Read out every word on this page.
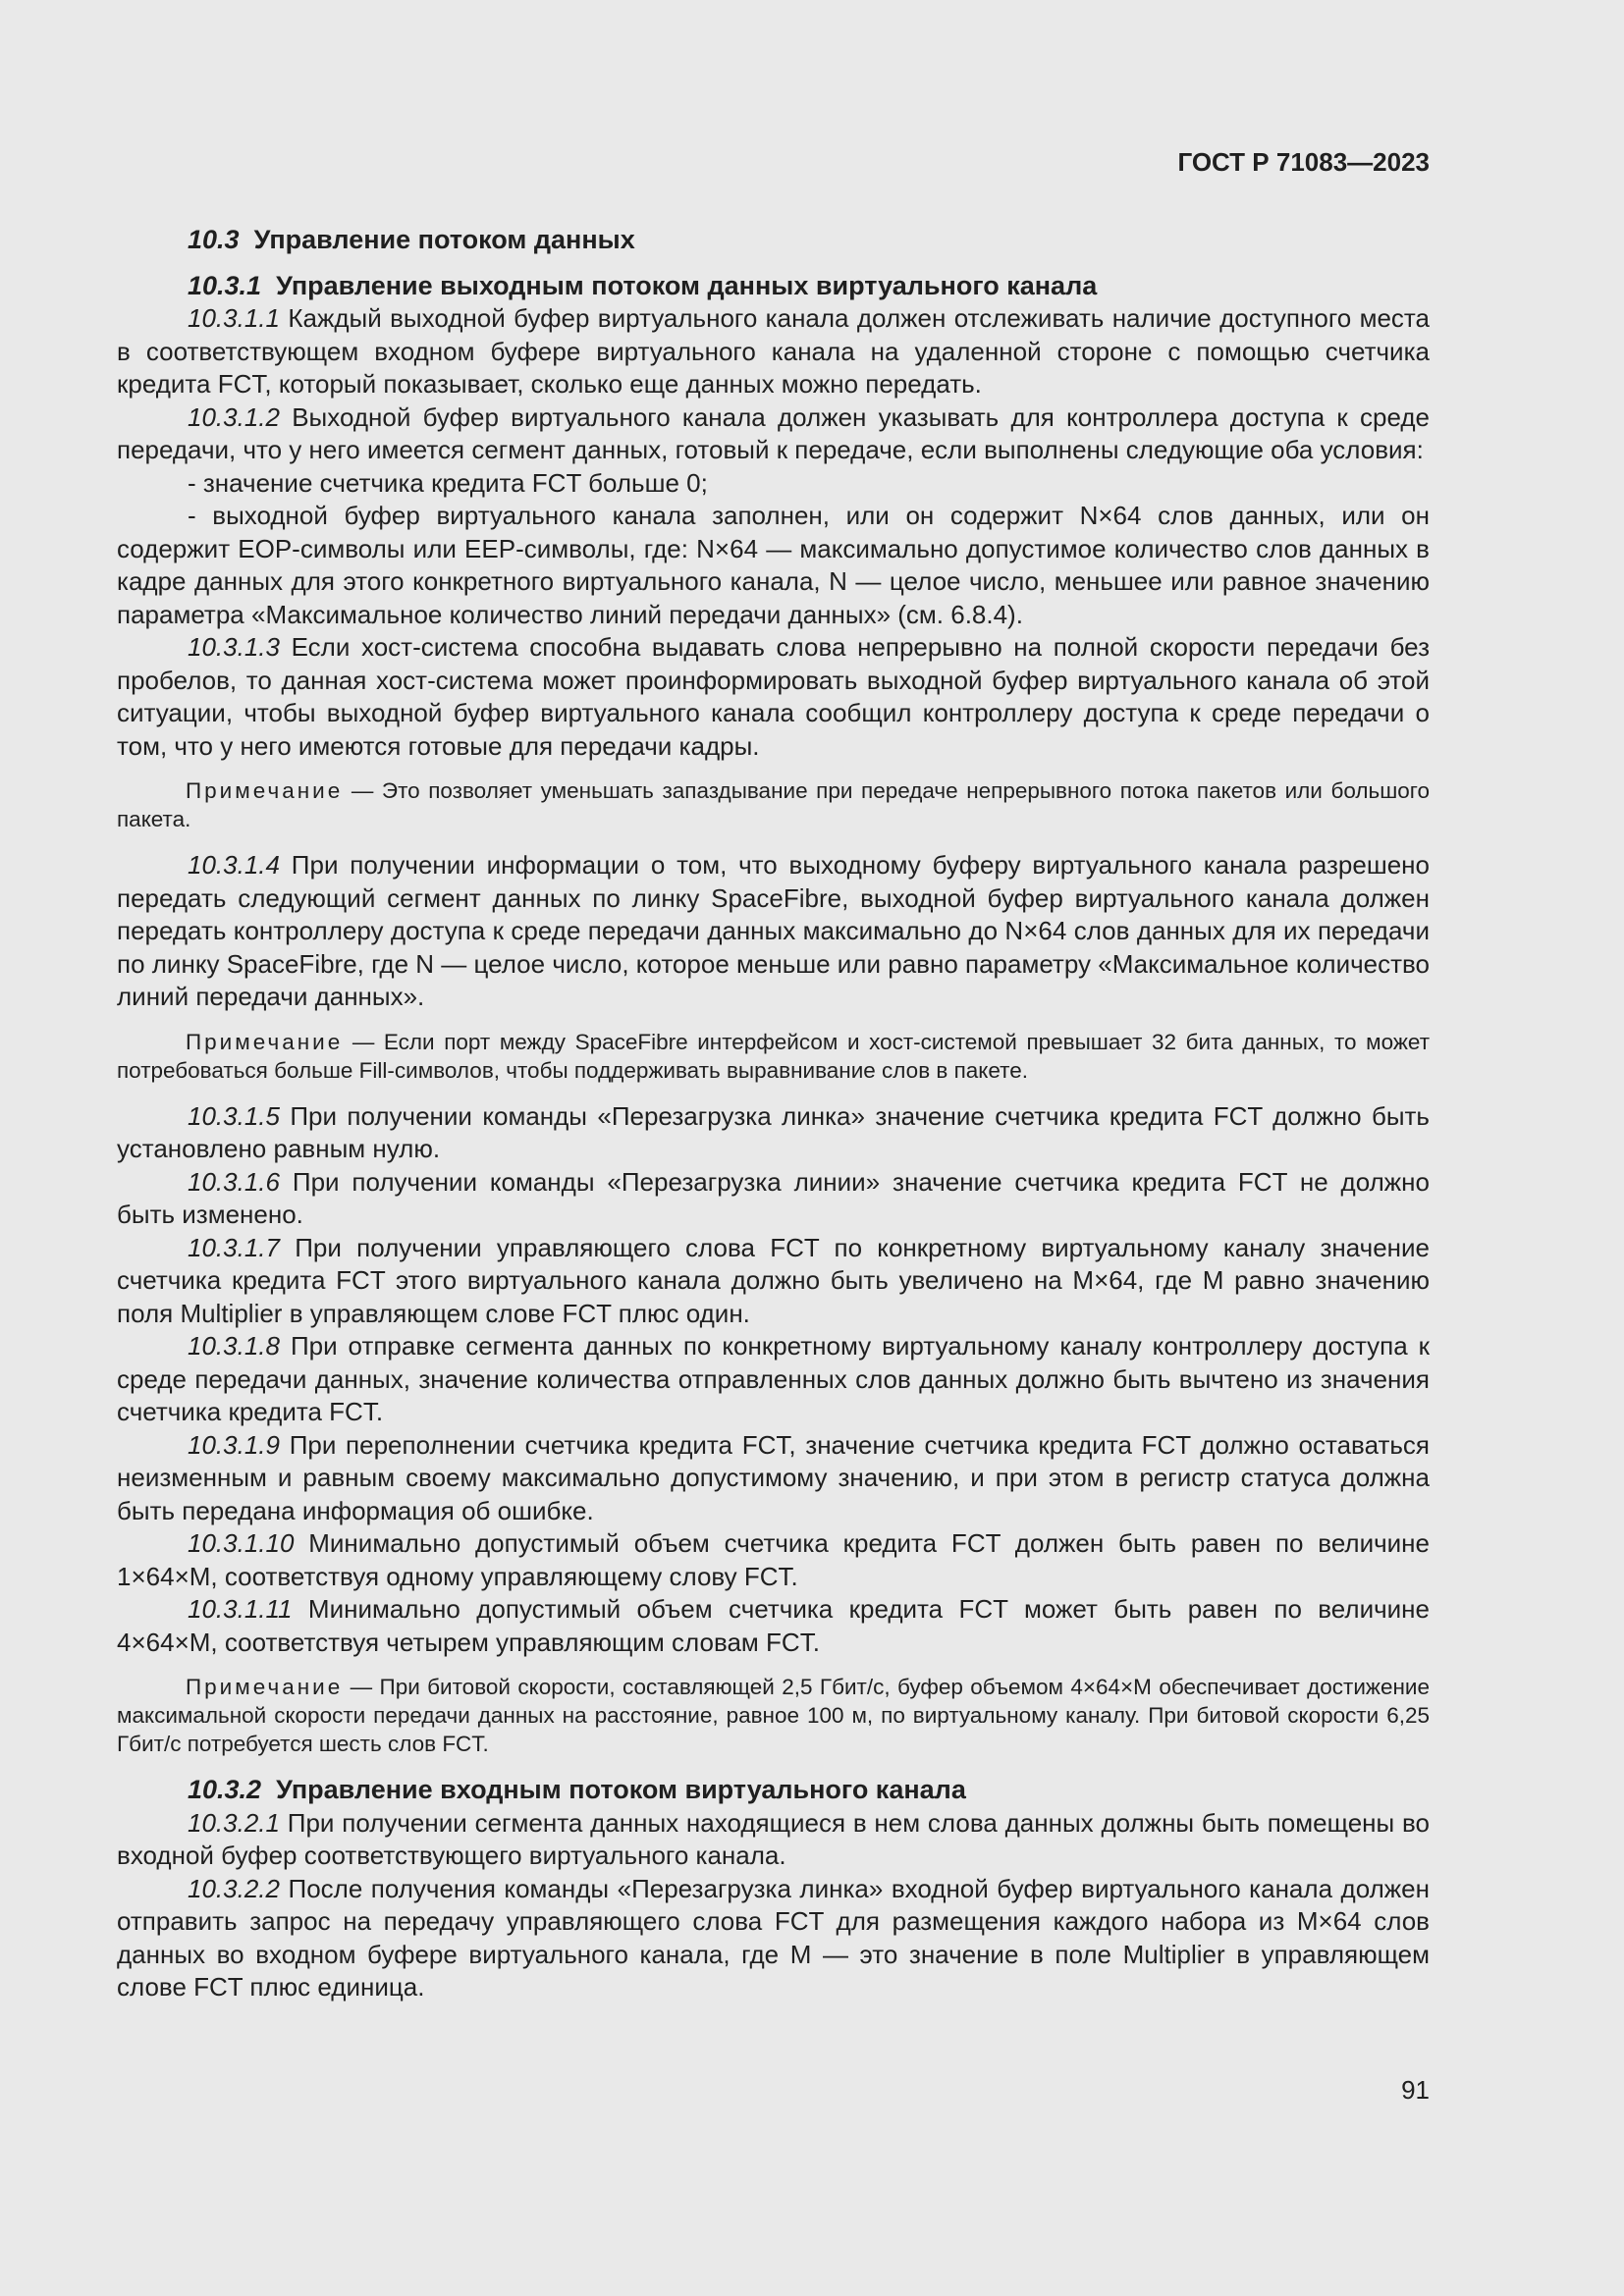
ГОСТ Р 71083—2023

10.3 Управление потоком данных

10.3.1 Управление выходным потоком данных виртуального канала

10.3.1.1 Каждый выходной буфер виртуального канала должен отслеживать наличие доступного места в соответствующем входном буфере виртуального канала на удаленной стороне с помощью счетчика кредита FCT, который показывает, сколько еще данных можно передать.

10.3.1.2 Выходной буфер виртуального канала должен указывать для контроллера доступа к среде передачи, что у него имеется сегмент данных, готовый к передаче, если выполнены следующие оба условия:

- значение счетчика кредита FCT больше 0;

- выходной буфер виртуального канала заполнен, или он содержит N×64 слов данных, или он содержит EOP-символы или EEP-символы, где: N×64 — максимально допустимое количество слов данных в кадре данных для этого конкретного виртуального канала, N — целое число, меньшее или равное значению параметра «Максимальное количество линий передачи данных» (см. 6.8.4).

10.3.1.3 Если хост-система способна выдавать слова непрерывно на полной скорости передачи без пробелов, то данная хост-система может проинформировать выходной буфер виртуального канала об этой ситуации, чтобы выходной буфер виртуального канала сообщил контроллеру доступа к среде передачи о том, что у него имеются готовые для передачи кадры.

Примечание — Это позволяет уменьшать запаздывание при передаче непрерывного потока пакетов или большого пакета.

10.3.1.4 При получении информации о том, что выходному буферу виртуального канала разрешено передать следующий сегмент данных по линку SpaceFibre, выходной буфер виртуального канала должен передать контроллеру доступа к среде передачи данных максимально до N×64 слов данных для их передачи по линку SpaceFibre, где N — целое число, которое меньше или равно параметру «Максимальное количество линий передачи данных».

Примечание — Если порт между SpaceFibre интерфейсом и хост-системой превышает 32 бита данных, то может потребоваться больше Fill-символов, чтобы поддерживать выравнивание слов в пакете.

10.3.1.5 При получении команды «Перезагрузка линка» значение счетчика кредита FCT должно быть установлено равным нулю.

10.3.1.6 При получении команды «Перезагрузка линии» значение счетчика кредита FCT не должно быть изменено.

10.3.1.7 При получении управляющего слова FCT по конкретному виртуальному каналу значение счетчика кредита FCT этого виртуального канала должно быть увеличено на M×64, где M равно значению поля Multiplier в управляющем слове FCT плюс один.

10.3.1.8 При отправке сегмента данных по конкретному виртуальному каналу контроллеру доступа к среде передачи данных, значение количества отправленных слов данных должно быть вычтено из значения счетчика кредита FCT.

10.3.1.9 При переполнении счетчика кредита FCT, значение счетчика кредита FCT должно оставаться неизменным и равным своему максимально допустимому значению, и при этом в регистр статуса должна быть передана информация об ошибке.

10.3.1.10 Минимально допустимый объем счетчика кредита FCT должен быть равен по величине 1×64×M, соответствуя одному управляющему слову FCT.

10.3.1.11 Минимально допустимый объем счетчика кредита FCT может быть равен по величине 4×64×M, соответствуя четырем управляющим словам FCT.

Примечание — При битовой скорости, составляющей 2,5 Гбит/с, буфер объемом 4×64×M обеспечивает достижение максимальной скорости передачи данных на расстояние, равное 100 м, по виртуальному каналу. При битовой скорости 6,25 Гбит/с потребуется шесть слов FCT.

10.3.2 Управление входным потоком виртуального канала

10.3.2.1 При получении сегмента данных находящиеся в нем слова данных должны быть помещены во входной буфер соответствующего виртуального канала.

10.3.2.2 После получения команды «Перезагрузка линка» входной буфер виртуального канала должен отправить запрос на передачу управляющего слова FCT для размещения каждого набора из M×64 слов данных во входном буфере виртуального канала, где M — это значение в поле Multiplier в управляющем слове FCT плюс единица.

91
